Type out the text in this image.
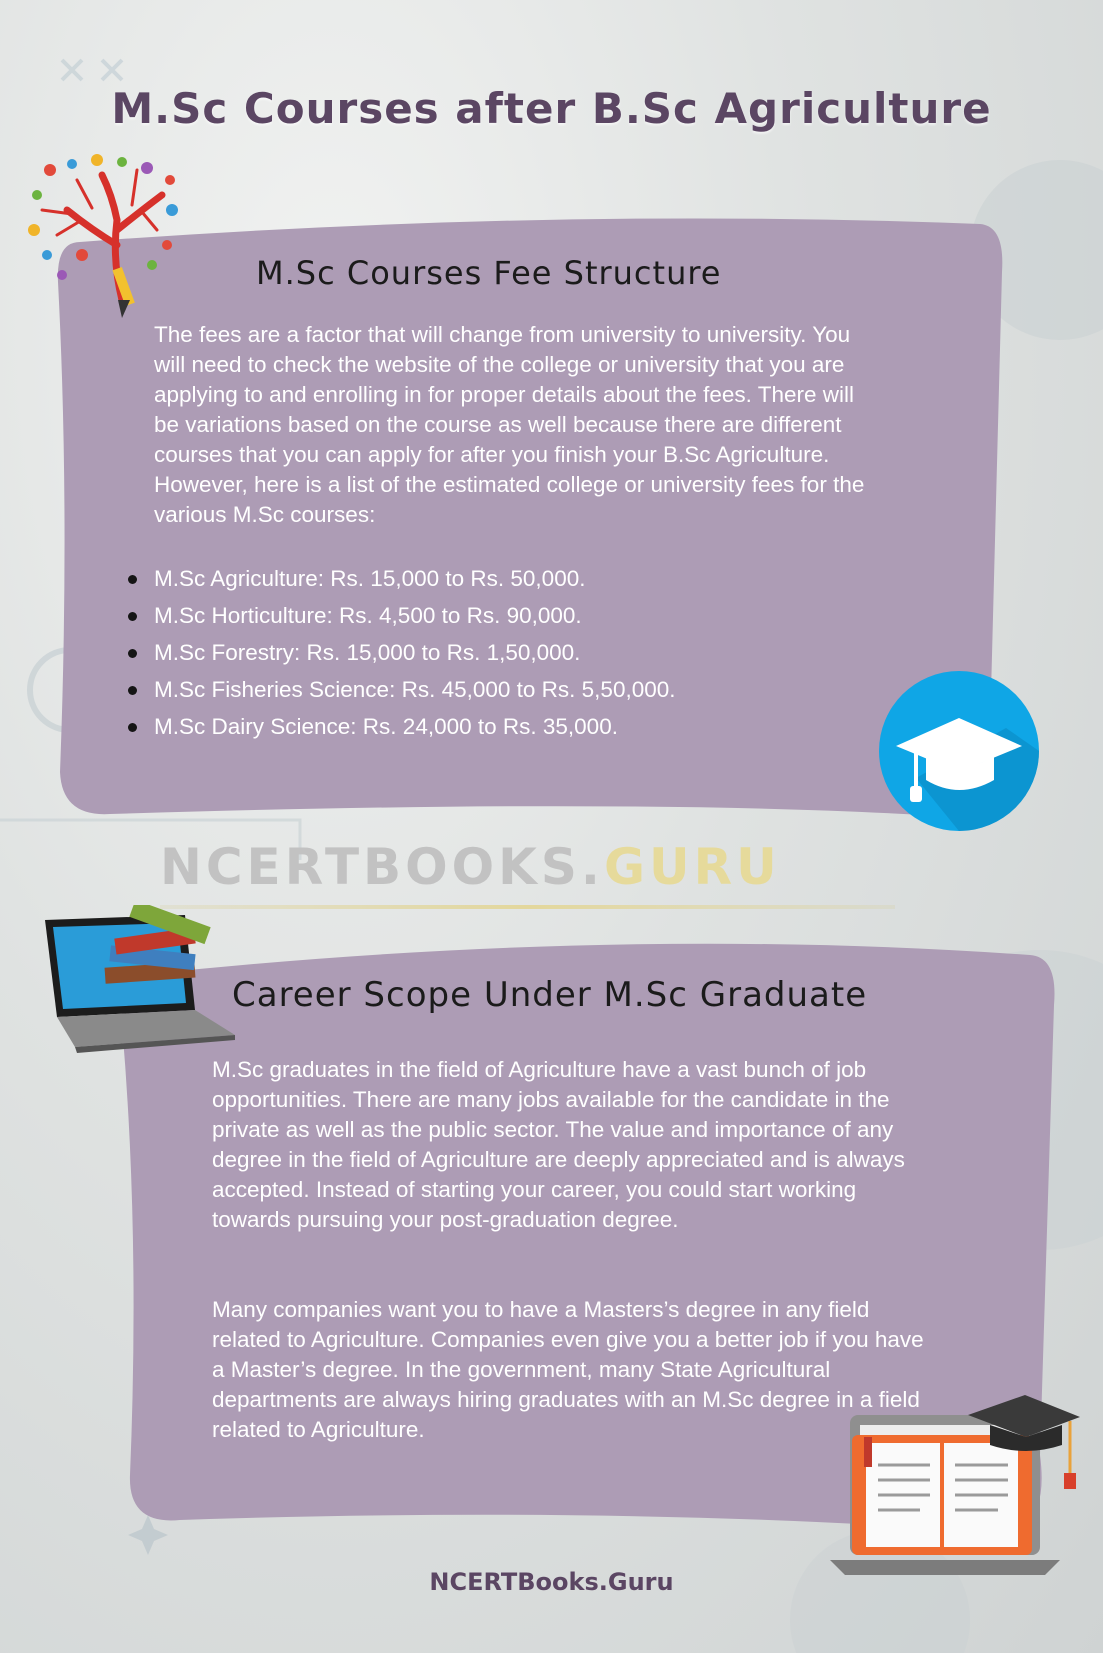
M.Sc Courses after B.Sc Agriculture
M.Sc Courses Fee Structure

The fees are a factor that will change from university to university. You will need to check the website of the college or university that you are applying to and enrolling in for proper details about the fees. There will be variations based on the course as well because there are different courses that you can apply for after you finish your B.Sc Agriculture. However, here is a list of the estimated college or university fees for the various M.Sc courses:

M.Sc Agriculture: Rs. 15,000 to Rs. 50,000.
M.Sc Horticulture: Rs. 4,500 to Rs. 90,000.
M.Sc Forestry: Rs. 15,000 to Rs. 1,50,000.
M.Sc Fisheries Science: Rs. 45,000 to Rs. 5,50,000.
M.Sc Dairy Science: Rs. 24,000 to Rs. 35,000.

NCERTBOOKS.GURU

Career Scope Under M.Sc Graduate

M.Sc graduates in the field of Agriculture have a vast bunch of job opportunities. There are many jobs available for the candidate in the private as well as the public sector. The value and importance of any degree in the field of Agriculture are deeply appreciated and is always accepted. Instead of starting your career, you could start working towards pursuing your post-graduation degree.

Many companies want you to have a Masters’s degree in any field related to Agriculture. Companies even give you a better job if you have a Master’s degree. In the government, many State Agricultural departments are always hiring graduates with an M.Sc degree in a field related to Agriculture.

NCERTBooks.Guru
